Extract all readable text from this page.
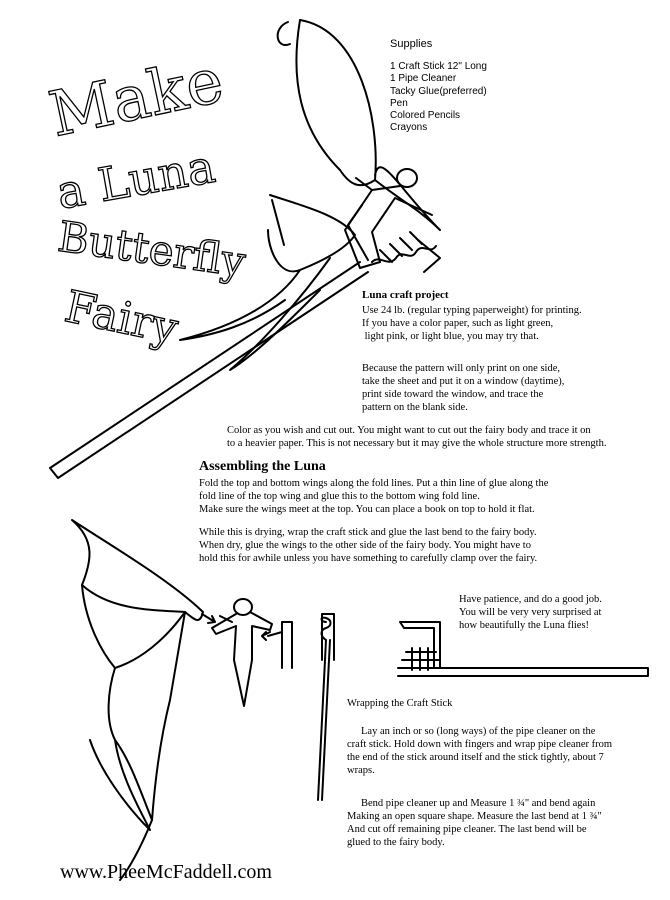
Make
a Luna
Butterfly
Fairy
Supplies
1 Craft Stick 12" Long
1 Pipe Cleaner
Tacky Glue(preferred)
Pen
Colored Pencils
Crayons
Luna craft project

Use 24 lb. (regular typing paperweight) for printing.

If you have a color paper, such as light green,

light pink, or light blue, you may try that.

Because the pattern will only print on one side,

take the sheet and put it on a window (daytime),

print side toward the window, and trace the

pattern on the blank side.

Color as you wish and cut out. You might want to cut out the fairy body and trace it on

to a heavier paper. This is not necessary but it may give the whole structure more strength.

Assembling the Luna

Fold the top and bottom wings along the fold lines. Put a thin line of glue along the

fold line of the top wing and glue this to the bottom wing fold line.

Make sure the wings meet at the top. You can place a book on top to hold it flat.

While this is drying, wrap the craft stick and glue the last bend to the fairy body.

When dry, glue the wings to the other side of the fairy body. You might have to

hold this for awhile unless you have something to carefully clamp over the fairy.

Have patience, and do a good job.

You will be very very surprised at

how beautifully the Luna flies!

Wrapping the Craft Stick

Lay an inch or so (long ways) of the pipe cleaner on the

craft stick. Hold down with fingers and wrap pipe cleaner from

the end of the stick around itself and the stick tightly, about 7

wraps.

Bend pipe cleaner up and Measure 1 ¾" and bend again

Making an open square shape. Measure the last bend at 1 ¾"

And cut off remaining pipe cleaner. The last bend will be

glued to the fairy body.

www.PheeMcFaddell.com
